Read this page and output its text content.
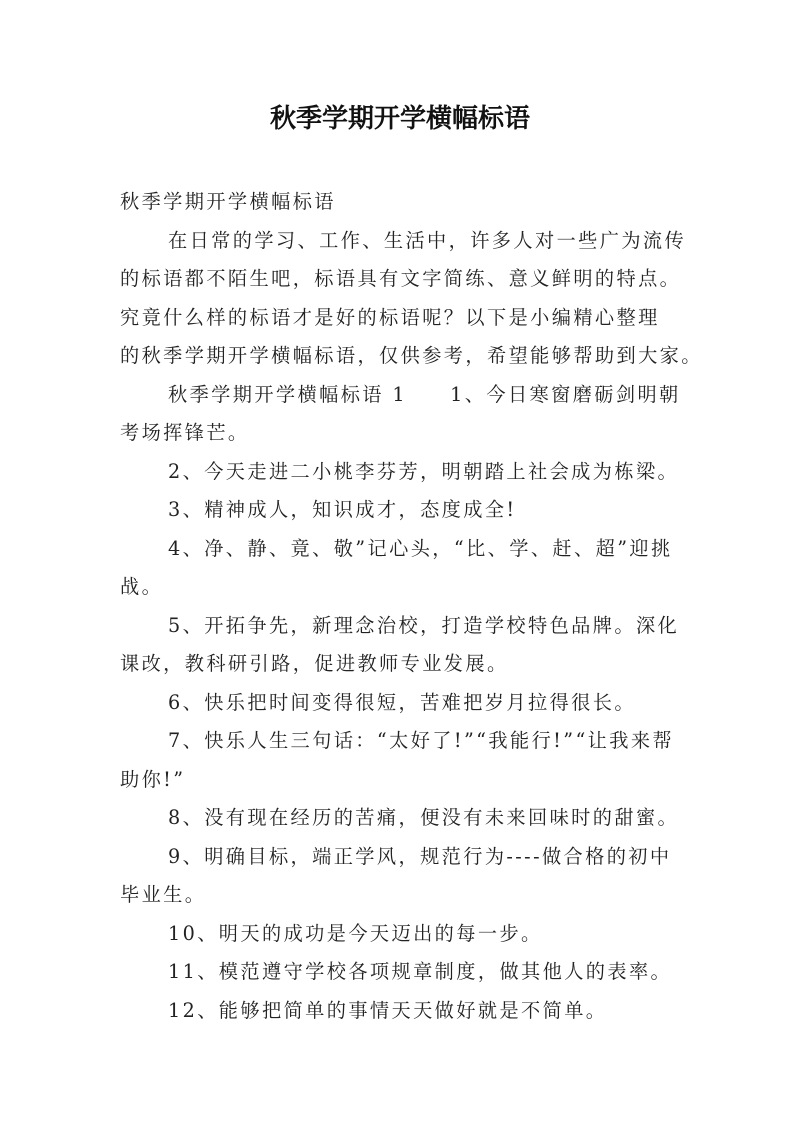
秋季学期开学横幅标语
秋季学期开学横幅标语
在日常的学习、工作、生活中，许多人对一些广为流传
的标语都不陌生吧，标语具有文字简练、意义鲜明的特点。
究竟什么样的标语才是好的标语呢？以下是小编精心整理
的秋季学期开学横幅标语，仅供参考，希望能够帮助到大家。
秋季学期开学横幅标语 1　　1、今日寒窗磨砺剑明朝
考场挥锋芒。
2、今天走进二小桃李芬芳，明朝踏上社会成为栋梁。
3、精神成人，知识成才，态度成全!
4、净、静、竟、敬”记心头，“比、学、赶、超”迎挑
战。
5、开拓争先，新理念治校，打造学校特色品牌。深化
课改，教科研引路，促进教师专业发展。
6、快乐把时间变得很短，苦难把岁月拉得很长。
7、快乐人生三句话：“太好了!”“我能行!”“让我来帮
助你!”
8、没有现在经历的苦痛，便没有未来回味时的甜蜜。
9、明确目标，端正学风，规范行为----做合格的初中
毕业生。
10、明天的成功是今天迈出的每一步。
11、模范遵守学校各项规章制度，做其他人的表率。
12、能够把简单的事情天天做好就是不简单。
